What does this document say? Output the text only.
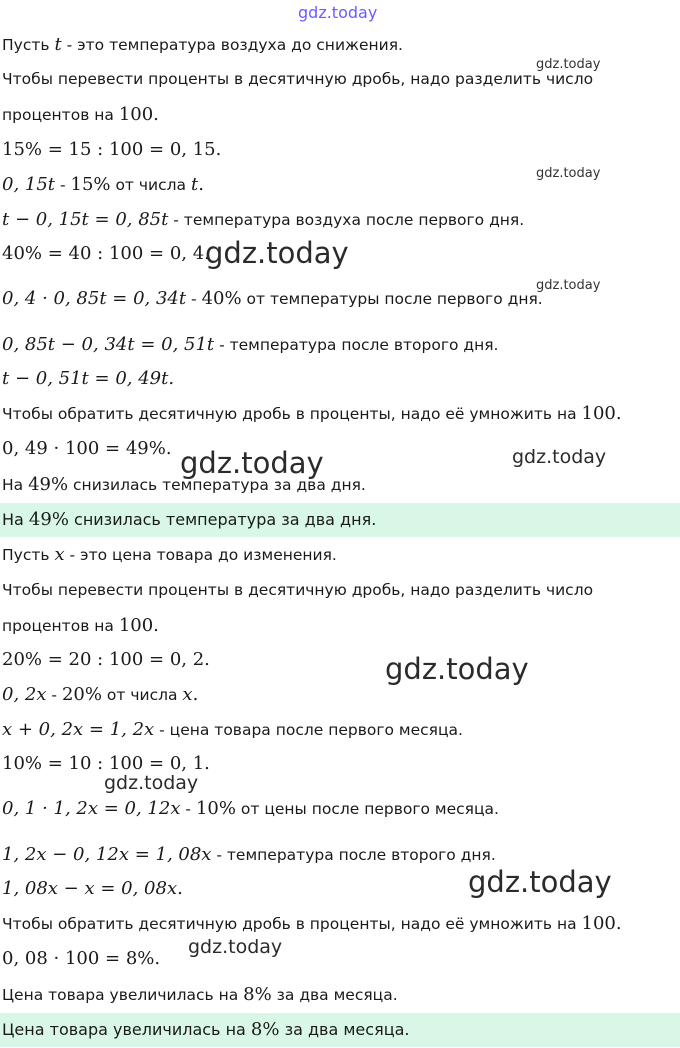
Пусть t - это температура воздуха до снижения.
Чтобы перевести проценты в десятичную дробь, надо разделить число
процентов на 100.
15% = 15 : 100 = 0, 15.
0, 15t - 15% от числа t.
t − 0, 15t = 0, 85t - температура воздуха после первого дня.
40% = 40 : 100 = 0, 4.
0, 4 · 0, 85t = 0, 34t - 40% от температуры после первого дня.
0, 85t − 0, 34t = 0, 51t - температура после второго дня.
t − 0, 51t = 0, 49t.
Чтобы обратить десятичную дробь в проценты, надо её умножить на 100.
0, 49 · 100 = 49%.
На 49% снизилась температура за два дня.
На 49% снизилась температура за два дня.
Пусть x - это цена товара до изменения.
Чтобы перевести проценты в десятичную дробь, надо разделить число
процентов на 100.
20% = 20 : 100 = 0, 2.
0, 2x - 20% от числа x.
x + 0, 2x = 1, 2x - цена товара после первого месяца.
10% = 10 : 100 = 0, 1.
0, 1 · 1, 2x = 0, 12x - 10% от цены после первого месяца.
1, 2x − 0, 12x = 1, 08x - температура после второго дня.
1, 08x − x = 0, 08x.
Чтобы обратить десятичную дробь в проценты, надо её умножить на 100.
0, 08 · 100 = 8%.
Цена товара увеличилась на 8% за два месяца.
Цена товара увеличилась на 8% за два месяца.
gdz.today
gdz.today
gdz.today
gdz.today
gdz.today
gdz.today	gdz.today
gdz.today
gdz.today
gdz.today
gdz.today
